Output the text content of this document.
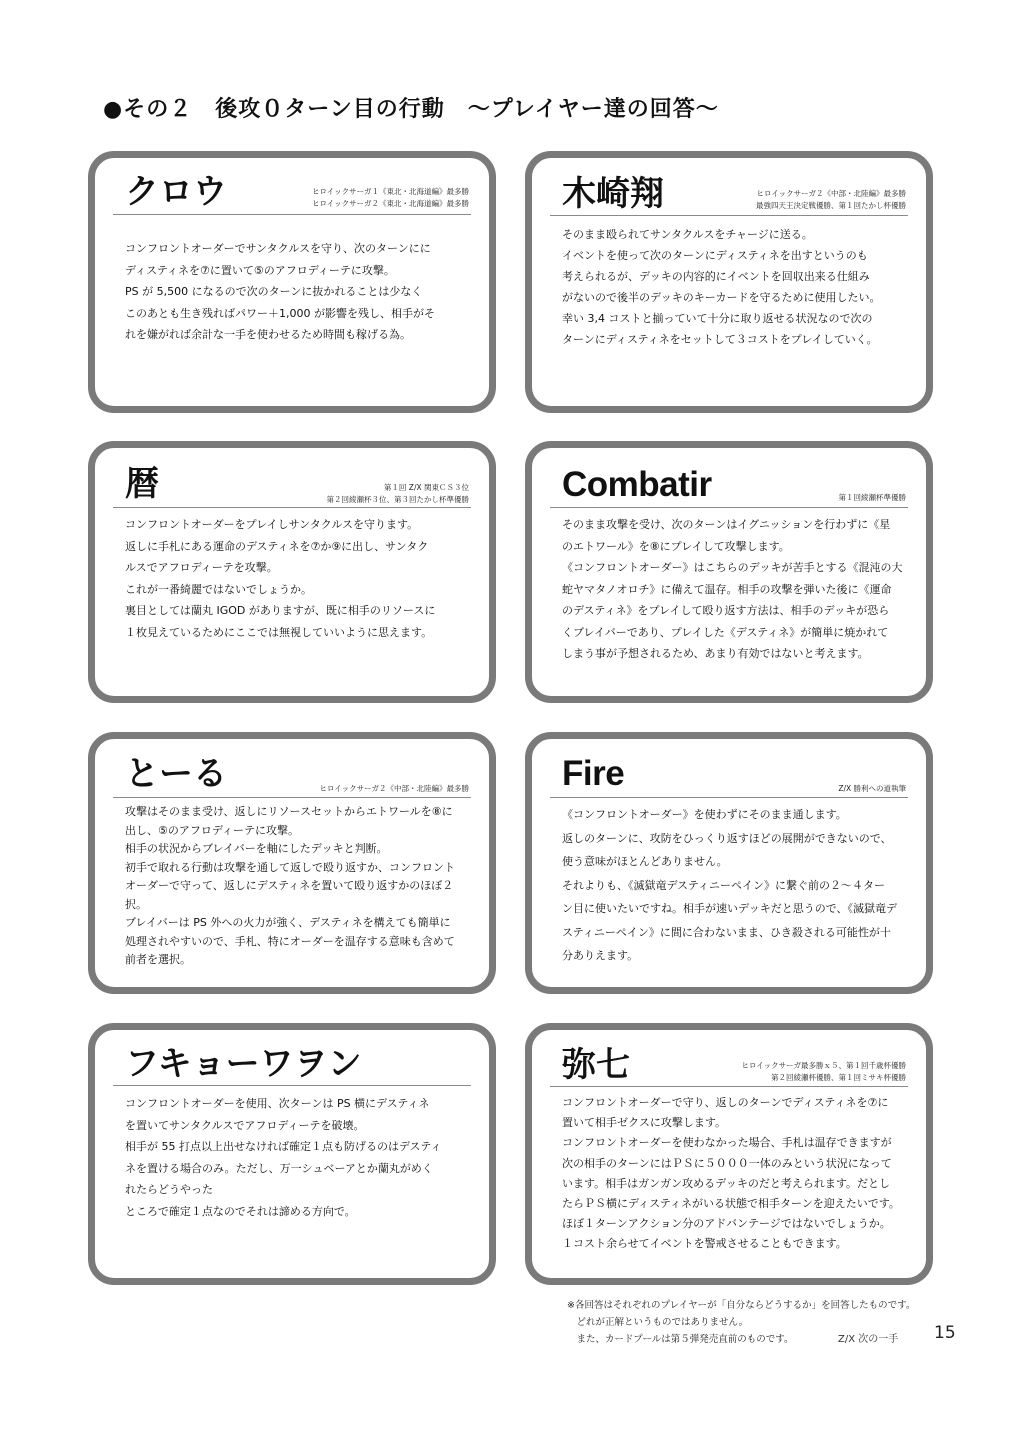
●その２　後攻０ターン目の行動　～プレイヤー達の回答～
クロウ	ヒロイックサーガ１《東北・北海道編》最多勝
ヒロイックサーガ２《東北・北海道編》最多勝

コンフロントオーダーでサンタクルスを守り、次のターンにに

ディスティネを⑦に置いて⑤のアフロディーテに攻撃。

PS が 5,500 になるので次のターンに抜かれることは少なく

このあとも生き残ればパワー＋1,000 が影響を残し、相手がそ

れを嫌がれば余計な一手を使わせるため時間も稼げる為。

木崎翔	ヒロイックサーガ２《中部・北陸編》最多勝
最強四天王決定戦優勝、第１回たかし杯優勝

そのまま殴られてサンタクルスをチャージに送る。

イベントを使って次のターンにディスティネを出すというのも

考えられるが、デッキの内容的にイベントを回収出来る仕組み

がないので後半のデッキのキーカードを守るために使用したい。

幸い 3,4 コストと揃っていて十分に取り返せる状況なので次の

ターンにディスティネをセットして３コストをプレイしていく。

暦	第１回 Z/X 関東ＣＳ３位
第２回綾瀬杯３位、第３回たかし杯準優勝

コンフロントオーダーをプレイしサンタクルスを守ります。

返しに手札にある運命のデスティネを⑦か⑨に出し、サンタク

ルスでアフロディーテを攻撃。

これが一番綺麗ではないでしょうか。

裏目としては蘭丸 IGOD がありますが、既に相手のリソースに

１枚見えているためにここでは無視していいように思えます。

Combatir	第１回綾瀬杯準優勝

そのまま攻撃を受け、次のターンはイグニッションを行わずに《星

のエトワール》を⑧にプレイして攻撃します。

《コンフロントオーダー》はこちらのデッキが苦手とする《混沌の大

蛇ヤマタノオロチ》に備えて温存。相手の攻撃を弾いた後に《運命

のデスティネ》をプレイして殴り返す方法は、相手のデッキが恐ら

くブレイバーであり、プレイした《デスティネ》が簡単に焼かれて

しまう事が予想されるため、あまり有効ではないと考えます。

とーる	ヒロイックサーガ２《中部・北陸編》最多勝

攻撃はそのまま受け、返しにリソースセットからエトワールを⑧に

出し、⑤のアフロディーテに攻撃。

相手の状況からブレイバーを軸にしたデッキと判断。

初手で取れる行動は攻撃を通して返しで殴り返すか、コンフロント

オーダーで守って、返しにデスティネを置いて殴り返すかのほぼ２

択。

ブレイバーは PS 外への火力が強く、デスティネを構えても簡単に

処理されやすいので、手札、特にオーダーを温存する意味も含めて

前者を選択。

Fire	Z/X 勝利への道執筆

《コンフロントオーダー》を使わずにそのまま通します。

返しのターンに、攻防をひっくり返すほどの展開ができないので、

使う意味がほとんどありません。

それよりも、《滅獄竜デスティニーペイン》に繋ぐ前の２～４ター

ン目に使いたいですね。相手が速いデッキだと思うので、《滅獄竜デ

スティニーペイン》に間に合わないまま、ひき殺される可能性が十

分ありえます。

フキョーワヲン

コンフロントオーダーを使用、次ターンは PS 横にデスティネ

を置いてサンタクルスでアフロディーテを破壊。

相手が 55 打点以上出せなければ確定１点も防げるのはデスティ

ネを置ける場合のみ。ただし、万一シュベーアとか蘭丸がめく

れたらどうやった

ところで確定１点なのでそれは諦める方向で。

弥七	ヒロイックサーガ最多勝ｘ５、第１回千歳杯優勝
第２回綾瀬杯優勝、第１回ミサキ杯優勝

コンフロントオーダーで守り、返しのターンでディスティネを⑦に

置いて相手ゼクスに攻撃します。

コンフロントオーダーを使わなかった場合、手札は温存できますが

次の相手のターンにはＰＳに５０００一体のみという状況になって

います。相手はガンガン攻めるデッキのだと考えられます。だとし

たらＰＳ横にディスティネがいる状態で相手ターンを迎えたいです。

ほぼ１ターンアクション分のアドバンテージではないでしょうか。

１コスト余らせてイベントを警戒させることもできます。

※各回答はそれぞれのプレイヤーが「自分ならどうするか」を回答したものです。
　どれが正解というものではありません。
　また、カードプールは第５弾発売直前のものです。	Z/X 次の一手 15
